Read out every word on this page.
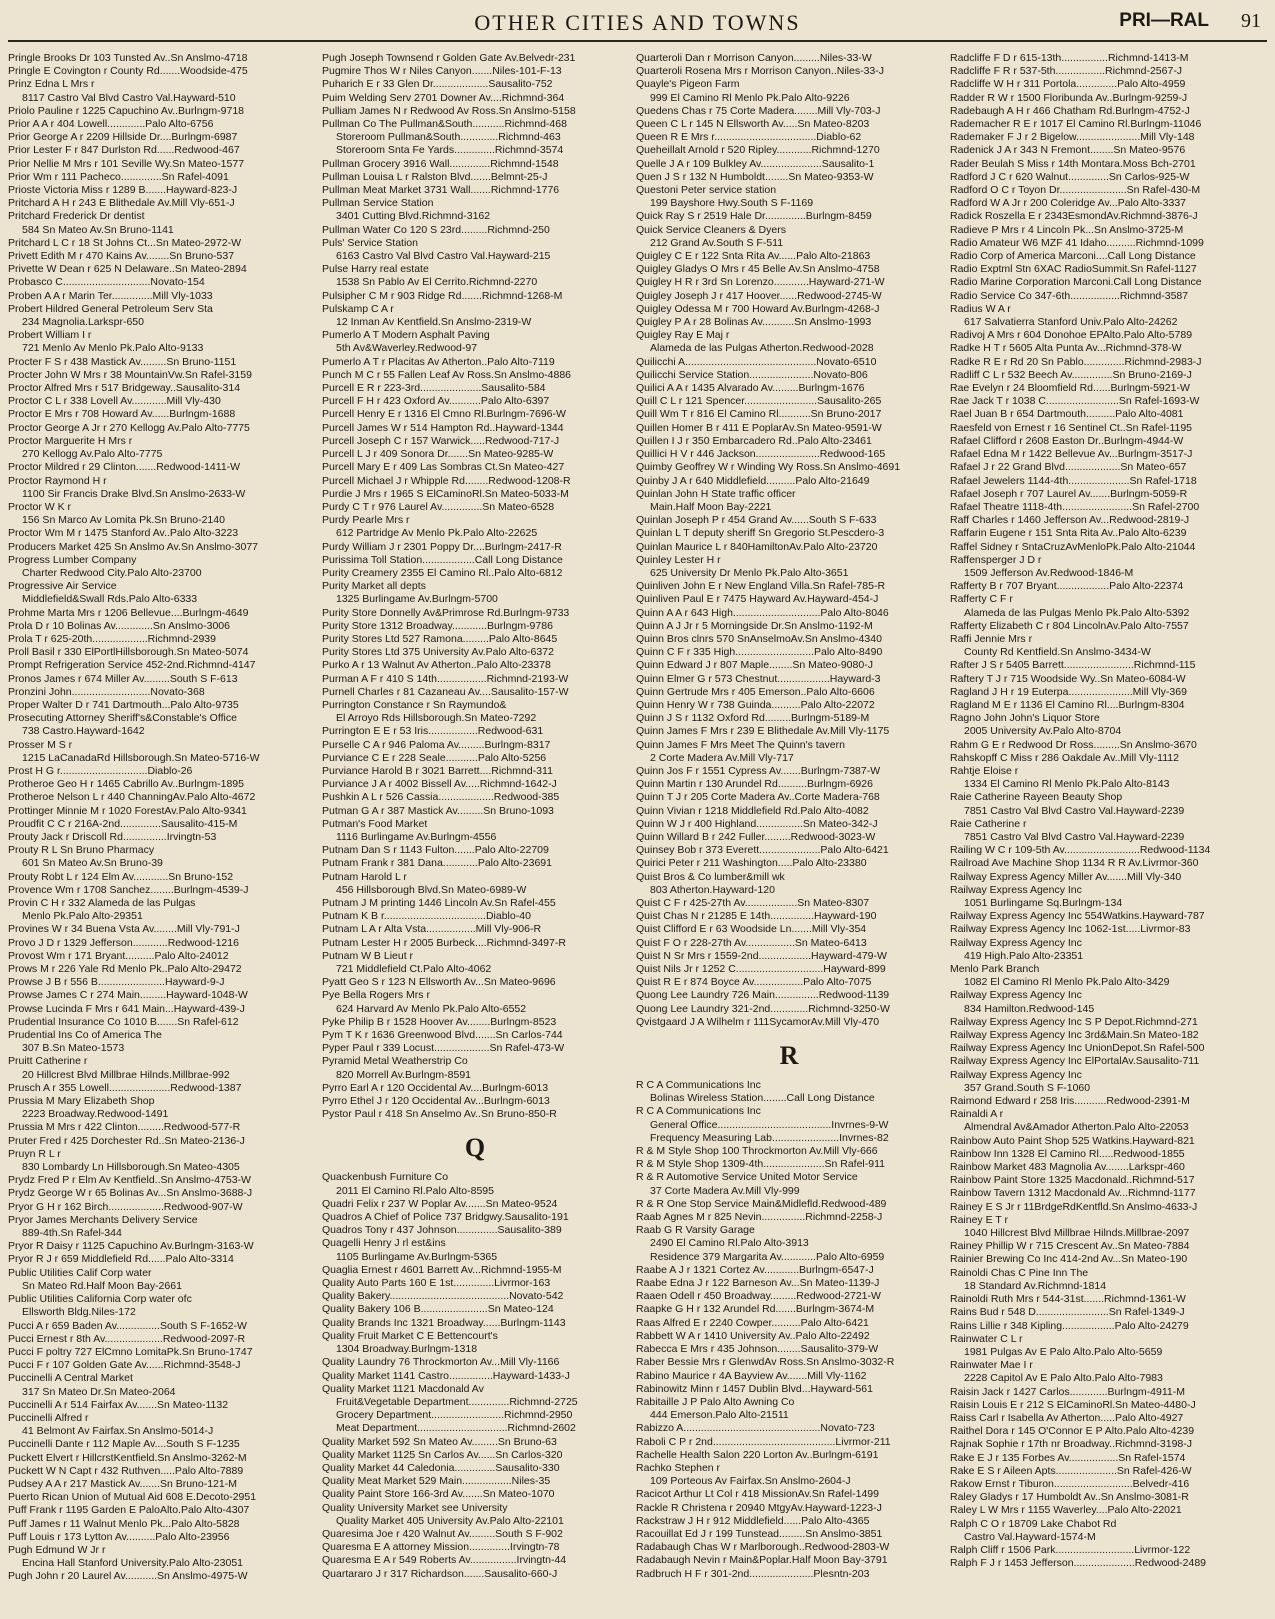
OTHER CITIES AND TOWNS	PRI—RAL 91
Pringle Brooks Dr 103 Tunsted Av..Sn Anslmo-4718
Pringle E Covington r County Rd.......Woodside-475
Prinz Edna L Mrs r
8117 Castro Val Blvd Castro Val.Hayward-510
Priolo Pauline r 1225 Capuchino Av..Burlngm-9718
Prior A A r 404 Lowell.............Palo Alto-6756
Prior George A r 2209 Hillside Dr....Burlngm-6987
Prior Lester F r 847 Durlston Rd......Redwood-467
Prior Nellie M Mrs r 101 Seville Wy.Sn Mateo-1577
Prior Wm r 111 Pacheco..............Sn Rafel-4091
Prioste Victoria Miss r 1289 B.......Hayward-823-J
Pritchard A H r 243 E Blithedale Av.Mill Vly-651-J
Pritchard Frederick Dr dentist
584 Sn Mateo Av.Sn Bruno-1141
Pritchard L C r 18 St Johns Ct...Sn Mateo-2972-W
Privett Edith M r 470 Kains Av........Sn Bruno-537
Privette W Dean r 625 N Delaware..Sn Mateo-2894
Probasco C..............................Novato-154
Proben A A r Marin Ter..............Mill Vly-1033
Probert Hildred General Petroleum Serv Sta
234 Magnolia.Larkspr-650
Probert William I r
721 Menlo Av Menlo Pk.Palo Alto-9133
Procter F S r 438 Mastick Av.........Sn Bruno-1151
Procter John W Mrs r 38 MountainVw.Sn Rafel-3159
Proctor Alfred Mrs r 517 Bridgeway..Sausalito-314
Proctor C L r 338 Lovell Av............Mill Vly-430
Proctor E Mrs r 708 Howard Av......Burlngm-1688
Proctor George A Jr r 270 Kellogg Av.Palo Alto-7775
Proctor Marguerite H Mrs r
270 Kellogg Av.Palo Alto-7775
Proctor Mildred r 29 Clinton.......Redwood-1411-W
Proctor Raymond H r
1100 Sir Francis Drake Blvd.Sn Anslmo-2633-W
Proctor W K r
156 Sn Marco Av Lomita Pk.Sn Bruno-2140
Proctor Wm M r 1475 Stanford Av..Palo Alto-3223
Producers Market 425 Sn Anslmo Av.Sn Anslmo-3077
Progress Lumber Company
Charter Redwood City.Palo Alto-23700
Progressive Air Service
Middlefield&Swall Rds.Palo Alto-6333
Prohme Marta Mrs r 1206 Bellevue....Burlngm-4649
Prola D r 10 Bolinas Av.............Sn Anslmo-3006
Prola T r 625-20th...................Richmnd-2939
Proll Basil r 330 ElPortlHillsborough.Sn Mateo-5074
Prompt Refrigeration Service 452-2nd.Richmnd-4147
Pronos James r 674 Miller Av.........South S F-613
Pronzini John...........................Novato-368
Proper Walter D r 741 Dartmouth...Palo Alto-9735
Prosecuting Attorney Sheriff's&Constable's Office
738 Castro.Hayward-1642
Prosser M S r
1215 LaCanadaRd Hillsborough.Sn Mateo-5716-W
Prost H G r..............................Diablo-26
Protheroe Geo H r 1465 Cabrillo Av..Burlngm-1895
Protheroe Nelson L r 440 ChanningAv.Palo Alto-4672
Prottinger Minnie M r 1020 ForestAv.Palo Alto-9341
Proudfit C C r 216A-2nd..............Sausalito-415-M
Prouty Jack r Driscoll Rd...............Irvingtn-53
Prouty R L Sn Bruno Pharmacy
601 Sn Mateo Av.Sn Bruno-39
Prouty Robt L r 124 Elm Av............Sn Bruno-152
Provence Wm r 1708 Sanchez........Burlngm-4539-J
Provin C H r 332 Alameda de las Pulgas
Menlo Pk.Palo Alto-29351
Provines W r 34 Buena Vsta Av........Mill Vly-791-J
Provo J D r 1329 Jefferson............Redwood-1216
Provost Wm r 171 Bryant..........Palo Alto-24012
Prows M r 226 Yale Rd Menlo Pk..Palo Alto-29472
Prowse J B r 556 B.......................Hayward-9-J
Prowse James C r 274 Main.........Hayward-1048-W
Prowse Lucinda F Mrs r 641 Main...Hayward-439-J
Prudential Insurance Co 1010 B.......Sn Rafel-612
Prudential Ins Co of America The
307 B.Sn Mateo-1573
Pruitt Catherine r
20 Hillcrest Blvd Millbrae Hilnds.Millbrae-992
Prusch A r 355 Lowell.....................Redwood-1387
Prussia M Mary Elizabeth Shop
2223 Broadway.Redwood-1491
Prussia M Mrs r 422 Clinton.........Redwood-577-R
Pruter Fred r 425 Dorchester Rd..Sn Mateo-2136-J
Pruyn R L r
830 Lombardy Ln Hillsborough.Sn Mateo-4305
Prydz Fred P r Elm Av Kentfield..Sn Anslmo-4753-W
Prydz George W r 65 Bolinas Av...Sn Anslmo-3688-J
Pryor G H r 162 Birch...................Redwood-907-W
Pryor James Merchants Delivery Service
889-4th.Sn Rafel-344
Pryor R Daisy r 1125 Capuchino Av.Burlngm-3163-W
Pryor R J r 659 Middlefield Rd......Palo Alto-3314
Public Utilities Calif Corp water
Sn Mateo Rd.Half Moon Bay-2661
Public Utilities California Corp water ofc
Ellsworth Bldg.Niles-172
Pucci A r 659 Baden Av...............South S F-1652-W
Pucci Ernest r 8th Av....................Redwood-2097-R
Pucci F poltry 727 ElCmno LomitaPk.Sn Bruno-1747
Pucci F r 107 Golden Gate Av......Richmnd-3548-J
Puccinelli A Central Market
317 Sn Mateo Dr.Sn Mateo-2064
Puccinelli A r 514 Fairfax Av.......Sn Mateo-1132
Puccinelli Alfred r
41 Belmont Av Fairfax.Sn Anslmo-5014-J
Puccinelli Dante r 112 Maple Av....South S F-1235
Puckett Elvert r HillcrstKentfield.Sn Anslmo-3262-M
Puckett W N Capt r 432 Ruthven.....Palo Alto-7889
Pudsey A A r 217 Mastick Av.......Sn Bruno-121-M
Puerto Rican Union of Mutual Aid 608 E.Decoto-2951
Puff Frank r 1195 Garden E PaloAlto.Palo Alto-4307
Puff James r 11 Walnut Menlo Pk...Palo Alto-5828
Puff Louis r 173 Lytton Av..........Palo Alto-23956
Pugh Edmund W Jr r
Encina Hall Stanford University.Palo Alto-23051
Pugh John r 20 Laurel Av...........Sn Anslmo-4975-W
Pugh Joseph Townsend r Golden Gate Av.Belvedr-231
Pugmire Thos W r Niles Canyon.......Niles-101-F-13
Puharich E r 33 Glen Dr...................Sausalito-752
Puim Welding Serv 2701 Downer Av....Richmnd-364
Pulliam James N r Redwood Av Ross.Sn Anslmo-5158
Pullman Co The Pullman&South...........Richmnd-468
Storeroom Pullman&South.............Richmnd-463
Storeroom Snta Fe Yards..............Richmnd-3574
Pullman Grocery 3916 Wall..............Richmnd-1548
Pullman Louisa L r Ralston Blvd.......Belmnt-25-J
Pullman Meat Market 3731 Wall.......Richmnd-1776
Pullman Service Station
3401 Cutting Blvd.Richmnd-3162
Pullman Water Co 120 S 23rd.........Richmnd-250
Puls' Service Station
6163 Castro Val Blvd Castro Val.Hayward-215
Pulse Harry real estate
1538 Sn Pablo Av El Cerrito.Richmnd-2270
Pulsipher C M r 903 Ridge Rd.......Richmnd-1268-M
Pulskamp C A r
12 Inman Av Kentfield.Sn Anslmo-2319-W
Pumerlo A T Modern Asphalt Paving
5th Av&Waverley.Redwood-97
Pumerlo A T r Placitas Av Atherton..Palo Alto-7119
Punch M C r 55 Fallen Leaf Av Ross.Sn Anslmo-4886
Purcell E R r 223-3rd.....................Sausalito-584
Purcell F H r 423 Oxford Av...........Palo Alto-6397
Purcell Henry E r 1316 El Cmno Rl.Burlngm-7696-W
Purcell James W r 514 Hampton Rd..Hayward-1344
Purcell Joseph C r 157 Warwick.....Redwood-717-J
Purcell L J r 409 Sonora Dr.......Sn Mateo-9285-W
Purcell Mary E r 409 Las Sombras Ct.Sn Mateo-427
Purcell Michael J r Whipple Rd........Redwood-1208-R
Purdie J Mrs r 1965 S ElCaminoRl.Sn Mateo-5033-M
Purdy C T r 976 Laurel Av..............Sn Mateo-6528
Purdy Pearle Mrs r
612 Partridge Av Menlo Pk.Palo Alto-22625
Purdy William J r 2301 Poppy Dr....Burlngm-2417-R
Purissima Toll Station..................Call Long Distance
Purity Creamery 2355 El Camino Rl..Palo Alto-6812
Purity Market all depts
1325 Burlingame Av.Burlngm-5700
Purity Store Donnelly Av&Primrose Rd.Burlngm-9733
Purity Store 1312 Broadway............Burlngm-9786
Purity Stores Ltd 527 Ramona.........Palo Alto-8645
Purity Stores Ltd 375 University Av.Palo Alto-6372
Purko A r 13 Walnut Av Atherton..Palo Alto-23378
Purman A F r 410 S 14th.................Richmnd-2193-W
Purnell Charles r 81 Cazaneau Av....Sausalito-157-W
Purrington Constance r Sn Raymundo&
El Arroyo Rds Hillsborough.Sn Mateo-7292
Purrington E E r 53 Iris.................Redwood-631
Purselle C A r 946 Paloma Av.........Burlngm-8317
Purviance C E r 228 Seale...........Palo Alto-5256
Purviance Harold B r 3021 Barrett....Richmnd-311
Purviance J A r 4002 Bissell Av.....Richmnd-1642-J
Pushkin A L r 526 Cassia...................Redwood-385
Putman G A r 387 Mastick Av.........Sn Bruno-1093
Putman's Food Market
1116 Burlingame Av.Burlngm-4556
Putnam Dan S r 1143 Fulton.......Palo Alto-22709
Putnam Frank r 381 Dana............Palo Alto-23691
Putnam Harold L r
456 Hillsborough Blvd.Sn Mateo-6989-W
Putnam J M printing 1446 Lincoln Av.Sn Rafel-455
Putnam K B r...................................Diablo-40
Putnam L A r Alta Vsta.................Mill Vly-906-R
Putnam Lester H r 2005 Burbeck....Richmnd-3497-R
Putnam W B Lieut r
721 Middlefield Ct.Palo Alto-4062
Pyatt Geo S r 123 N Ellsworth Av...Sn Mateo-9696
Pye Bella Rogers Mrs r
624 Harvard Av Menlo Pk.Palo Alto-6552
Pyke Philip B r 1528 Hoover Av........Burlngm-8523
Pym T K r 1636 Greenwood Blvd.......Sn Carlos-744
Pyper Paul r 339 Locust...................Sn Rafel-473-W
Pyramid Metal Weatherstrip Co
820 Morrell Av.Burlngm-8591
Pyrro Earl A r 120 Occidental Av....Burlngm-6013
Pyrro Ethel J r 120 Occidental Av...Burlngm-6013
Pystor Paul r 418 Sn Anselmo Av..Sn Bruno-850-R
Q
Quackenbush Furniture Co
2011 El Camino Rl.Palo Alto-8595
Quadri Felix r 237 W Poplar Av.......Sn Mateo-9524
Quadros A Chief of Police 737 Bridgwy.Sausalito-191
Quadros Tony r 437 Johnson..............Sausalito-389
Quagelli Henry J rl est&ins
1105 Burlingame Av.Burlngm-5365
Quaglia Ernest r 4601 Barrett Av...Richmnd-1955-M
Quality Auto Parts 160 E 1st..............Livrmor-163
Quality Bakery.........................................Novato-542
Quality Bakery 106 B.......................Sn Mateo-124
Quality Brands Inc 1321 Broadway......Burlngm-1143
Quality Fruit Market C E Bettencourt's
1304 Broadway.Burlngm-1318
Quality Laundry 76 Throckmorton Av...Mill Vly-1166
Quality Market 1141 Castro...............Hayward-1433-J
Quality Market 1121 Macdonald Av
Fruit&Vegetable Department..............Richmnd-2725
Grocery Department.........................Richmnd-2950
Meat Department...............................Richmnd-2602
Quality Market 592 Sn Mateo Av.........Sn Bruno-63
Quality Market 1125 Sn Carlos Av......Sn Carlos-320
Quality Market 44 Caledonia..............Sausalito-330
Quality Meat Market 529 Main.................Niles-35
Quality Paint Store 166-3rd Av.......Sn Mateo-1070
Quality University Market see University
Quality Market 405 University Av.Palo Alto-22101
Quaresima Joe r 420 Walnut Av.........South S F-902
Quaresma E A attorney Mission..............Irvingtn-78
Quaresma E A r 549 Roberts Av................Irvingtn-44
Quartararo J r 317 Richardson.......Sausalito-660-J
Quarteroli Dan r Morrison Canyon.........Niles-33-W
Quarteroli Rosena Mrs r Morrison Canyon..Niles-33-J
Quayle's Pigeon Farm
999 El Camino Rl Menlo Pk.Palo Alto-9226
Quedens Chas r 75 Corte Madera........Mill Vly-703-J
Queen C L r 145 N Ellsworth Av.....Sn Mateo-8203
Queen R E Mrs r...................................Diablo-62
Queheillalt Arnold r 520 Ripley............Richmnd-1270
Quelle J A r 109 Bulkley Av.....................Sausalito-1
Quen J S r 132 N Humboldt........Sn Mateo-9353-W
Questoni Peter service station
199 Bayshore Hwy.South S F-1169
Quick Ray S r 2519 Hale Dr..............Burlngm-8459
Quick Service Cleaners & Dyers
212 Grand Av.South S F-511
Quigley C E r 122 Snta Rita Av......Palo Alto-21863
Quigley Gladys O Mrs r 45 Belle Av.Sn Anslmo-4758
Quigley H R r 3rd Sn Lorenzo............Hayward-271-W
Quigley Joseph J r 417 Hoover......Redwood-2745-W
Quigley Odessa M r 700 Howard Av.Burlngm-4268-J
Quigley P A r 28 Bolinas Av...........Sn Anslmo-1993
Quigley Ray E Maj r
Alameda de las Pulgas Atherton.Redwood-2028
Quilicchi A.............................................Novato-6510
Quilicchi Service Station......................Novato-806
Quilici A A r 1435 Alvarado Av.........Burlngm-1676
Quill C L r 121 Spencer.........................Sausalito-265
Quill Wm T r 816 El Camino Rl...........Sn Bruno-2017
Quillen Homer B r 411 E PoplarAv.Sn Mateo-9591-W
Quillen I J r 350 Embarcadero Rd..Palo Alto-23461
Quillici H V r 446 Jackson......................Redwood-165
Quimby Geoffrey W r Winding Wy Ross.Sn Anslmo-4691
Quinby J A r 640 Middlefield..........Palo Alto-21649
Quinlan John H State traffic officer
Main.Half Moon Bay-2221
Quinlan Joseph P r 454 Grand Av......South S F-633
Quinlan L T deputy sheriff Sn Gregorio St.Pescdero-3
Quinlan Maurice L r 840HamiltonAv.Palo Alto-23720
Quinley Lester H r
625 University Dr Menlo Pk.Palo Alto-3651
Quinliven John E r New England Villa.Sn Rafel-785-R
Quinliven Paul E r 7475 Hayward Av.Hayward-454-J
Quinn A A r 643 High..............................Palo Alto-8046
Quinn A J Jr r 5 Morningside Dr.Sn Anslmo-1192-M
Quinn Bros clnrs 570 SnAnselmoAv.Sn Anslmo-4340
Quinn C F r 335 High...........................Palo Alto-8490
Quinn Edward J r 807 Maple........Sn Mateo-9080-J
Quinn Elmer G r 573 Chestnut..................Hayward-3
Quinn Gertrude Mrs r 405 Emerson..Palo Alto-6606
Quinn Henry W r 738 Guinda..........Palo Alto-22072
Quinn J S r 1132 Oxford Rd.........Burlngm-5189-M
Quinn James F Mrs r 239 E Blithedale Av.Mill Vly-1175
Quinn James F Mrs Meet The Quinn's tavern
2 Corte Madera Av.Mill Vly-717
Quinn Jos F r 1551 Cypress Av.......Burlngm-7387-W
Quinn Martin r 130 Arundel Rd..........Burlngm-6926
Quinn T J r 205 Corte Madera Av..Corte Madera-768
Quinn Vivian r 1218 Middlefield Rd.Palo Alto-4082
Quinn W J r 400 Highland................Sn Mateo-342-J
Quinn Willard B r 242 Fuller.........Redwood-3023-W
Quinsey Bob r 373 Everett.....................Palo Alto-6421
Quirici Peter r 211 Washington.....Palo Alto-23380
Quist Bros & Co lumber&mill wk
803 Atherton.Hayward-120
Quist C F r 425-27th Av..................Sn Mateo-8307
Quist Chas N r 21285 E 14th...............Hayward-190
Quist Clifford E r 63 Woodside Ln.......Mill Vly-354
Quist F O r 228-27th Av.................Sn Mateo-6413
Quist N Sr Mrs r 1559-2nd..................Hayward-479-W
Quist Nils Jr r 1252 C..............................Hayward-899
Quist R E r 874 Boyce Av.................Palo Alto-7075
Quong Lee Laundry 726 Main...............Redwood-1139
Quong Lee Laundry 321-2nd.............Richmnd-3250-W
Qvistgaard J A Wilhelm r 111SycamorAv.Mill Vly-470
R
R C A Communications Inc
Bolinas Wireless Station........Call Long Distance
R C A Communications Inc
General Office.......................................Invrnes-9-W
Frequency Measuring Lab.......................Invrnes-82
R & M Style Shop 100 Throckmorton Av.Mill Vly-666
R & M Style Shop 1309-4th.....................Sn Rafel-911
R & R Automotive Service United Motor Service
37 Corte Madera Av.Mill Vly-999
R & R One Stop Service Main&Midlefld.Redwood-489
Raab Agnes M r 825 Nevin...............Richmnd-2258-J
Raab G R Varsity Garage
2490 El Camino Rl.Palo Alto-3913
Residence 379 Margarita Av............Palo Alto-6959
Raabe A J r 1321 Cortez Av............Burlngm-6547-J
Raabe Edna J r 122 Barneson Av...Sn Mateo-1139-J
Raaen Odell r 450 Broadway.........Redwood-2721-W
Raapke G H r 132 Arundel Rd.......Burlngm-3674-M
Raas Alfred E r 2240 Cowper..........Palo Alto-6421
Rabbett W A r 1410 University Av..Palo Alto-22492
Rabecca E Mrs r 435 Johnson........Sausalito-379-W
Raber Bessie Mrs r GlenwdAv Ross.Sn Anslmo-3032-R
Rabino Maurice r 4A Bayview Av.......Mill Vly-1162
Rabinowitz Minn r 1457 Dublin Blvd...Hayward-561
Rabitaille J P Palo Alto Awning Co
444 Emerson.Palo Alto-21511
Rabizzo A...............................................Novato-723
Raboli C P r 2nd..........................................Livrmor-211
Rachelle Health Salon 220 Lorton Av..Burlngm-6191
Rachko Stephen r
109 Porteous Av Fairfax.Sn Anslmo-2604-J
Racicot Arthur Lt Col r 418 MissionAv.Sn Rafel-1499
Rackle R Christena r 20940 MtgyAv.Hayward-1223-J
Rackstraw J H r 912 Middlefield......Palo Alto-4365
Racouillat Ed J r 199 Tunstead.........Sn Anslmo-3851
Radabaugh Chas W r Marlborough..Redwood-2803-W
Radabaugh Nevin r Main&Poplar.Half Moon Bay-3791
Radbruch H F r 301-2nd......................Plesntn-203
Radcliffe F D r 615-13th................Richmnd-1413-M
Radcliffe F R r 537-5th.................Richmnd-2567-J
Radcliffe W H r 311 Portola..............Palo Alto-4959
Radder R W r 1500 Floribunda Av..Burlngm-9259-J
Radebaugh A H r 466 Chatham Rd.Burlngm-4752-J
Rademacher R E r 1017 El Camino Rl.Burlngm-11046
Rademaker F J r 2 Bigelow......................Mill Vly-148
Radenick J A r 343 N Fremont........Sn Mateo-9576
Rader Beulah S Miss r 14th Montara.Moss Bch-2701
Radford J C r 620 Walnut..............Sn Carlos-925-W
Radford O C r Toyon Dr.......................Sn Rafel-430-M
Radford W A Jr r 200 Coleridge Av...Palo Alto-3337
Radick Roszella E r 2343EsmondAv.Richmnd-3876-J
Radieve P Mrs r 4 Lincoln Pk...Sn Anslmo-3725-M
Radio Amateur W6 MZF 41 Idaho..........Richmnd-1099
Radio Corp of America Marconi....Call Long Distance
Radio Exptml Stn 6XAC RadioSummit.Sn Rafel-1127
Radio Marine Corporation Marconi.Call Long Distance
Radio Service Co 347-6th.................Richmnd-3587
Radius W A r
617 Salvatierra Stanford Univ.Palo Alto-24262
Radivoj A Mrs r 604 Donohoe EPAlto.Palo Alto-5789
Radke H T r 5605 Alta Punta Av...Richmnd-378-W
Radke R E r Rd 20 Sn Pablo..............Richmnd-2983-J
Radliff C L r 532 Beech Av..............Sn Bruno-2169-J
Rae Evelyn r 24 Bloomfield Rd......Burlngm-5921-W
Rae Jack T r 1038 C.........................Sn Rafel-1693-W
Rael Juan B r 654 Dartmouth..........Palo Alto-4081
Raesfeld von Ernest r 16 Sentinel Ct..Sn Rafel-1195
Rafael Clifford r 2608 Easton Dr..Burlngm-4944-W
Rafael Edna M r 1422 Bellevue Av...Burlngm-3517-J
Rafael J r 22 Grand Blvd...................Sn Mateo-657
Rafael Jewelers 1144-4th.....................Sn Rafel-1718
Rafael Joseph r 707 Laurel Av.......Burlngm-5059-R
Rafael Theatre 1118-4th........................Sn Rafel-2700
Raff Charles r 1460 Jefferson Av...Redwood-2819-J
Raffarin Eugene r 151 Snta Rita Av..Palo Alto-6239
Raffel Sidney r SntaCruzAvMenloPk.Palo Alto-21044
Raffensperger J D r
1509 Jefferson Av.Redwood-1846-M
Rafferty B r 707 Bryant..................Palo Alto-22374
Rafferty C F r
Alameda de las Pulgas Menlo Pk.Palo Alto-5392
Rafferty Elizabeth C r 804 LincolnAv.Palo Alto-7557
Raffi Jennie Mrs r
County Rd Kentfield.Sn Anslmo-3434-W
Rafter J S r 5405 Barrett........................Richmnd-115
Raftery T J r 715 Woodside Wy..Sn Mateo-6084-W
Ragland J H r 19 Euterpa......................Mill Vly-369
Ragland M E r 1136 El Camino Rl....Burlngm-8304
Ragno John John's Liquor Store
2005 University Av.Palo Alto-8704
Rahm G E r Redwood Dr Ross.........Sn Anslmo-3670
Rahskopff C Miss r 286 Oakdale Av..Mill Vly-1112
Rahtje Eloise r
1334 El Camino Rl Menlo Pk.Palo Alto-8143
Raie Catherine Rayeen Beauty Shop
7851 Castro Val Blvd Castro Val.Hayward-2239
Raie Catherine r
7851 Castro Val Blvd Castro Val.Hayward-2239
Railing W C r 109-5th Av..........................Redwood-1134
Railroad Ave Machine Shop 1134 R R Av.Livrmor-360
Railway Express Agency Miller Av.......Mill Vly-340
Railway Express Agency Inc
1051 Burlingame Sq.Burlngm-134
Railway Express Agency Inc 554Watkins.Hayward-787
Railway Express Agency Inc 1062-1st.....Livrmor-83
Railway Express Agency Inc
419 High.Palo Alto-23351
Menlo Park Branch
1082 El Camino Rl Menlo Pk.Palo Alto-3429
Railway Express Agency Inc
834 Hamilton.Redwood-145
Railway Express Agency Inc S P Depot.Richmnd-271
Railway Express Agency Inc 3rd&Main.Sn Mateo-182
Railway Express Agency Inc UnionDepot.Sn Rafel-500
Railway Express Agency Inc ElPortalAv.Sausalito-711
Railway Express Agency Inc
357 Grand.South S F-1060
Raimond Edward r 258 Iris...........Redwood-2391-M
Rainaldi A r
Almendral Av&Amador Atherton.Palo Alto-22053
Rainbow Auto Paint Shop 525 Watkins.Hayward-821
Rainbow Inn 1328 El Camino Rl.....Redwood-1855
Rainbow Market 483 Magnolia Av........Larkspr-460
Rainbow Paint Store 1325 Macdonald..Richmnd-517
Rainbow Tavern 1312 Macdonald Av...Richmnd-1177
Rainey E S Jr r 11BrdgeRdKentfld.Sn Anslmo-4633-J
Rainey E T r
1040 Hillcrest Blvd Millbrae Hilnds.Millbrae-2097
Rainey Phillip W r 715 Crescent Av..Sn Mateo-7884
Rainier Brewing Co Inc 414-2nd Av...Sn Mateo-190
Rainoldi Chas C Pine Inn The
18 Standard Av.Richmnd-1814
Rainoldi Ruth Mrs r 544-31st.......Richmnd-1361-W
Rains Bud r 548 D.........................Sn Rafel-1349-J
Rains Lillie r 348 Kipling..................Palo Alto-24279
Rainwater C L r
1981 Pulgas Av E Palo Alto.Palo Alto-5659
Rainwater Mae I r
2228 Capitol Av E Palo Alto.Palo Alto-7983
Raisin Jack r 1427 Carlos.............Burlngm-4911-M
Raisin Louis E r 212 S ElCaminoRl.Sn Mateo-4480-J
Raiss Carl r Isabella Av Atherton.....Palo Alto-4927
Raithel Dora r 145 O'Connor E P Alto.Palo Alto-4239
Rajnak Sophie r 17th nr Broadway..Richmnd-3198-J
Rake E J r 135 Forbes Av.................Sn Rafel-1574
Rake E S r Aileen Apts.....................Sn Rafel-426-W
Rakow Ernst r Tiburon...........................Belvedr-416
Raley Gladys r 17 Humboldt Av..Sn Anslmo-3081-R
Raley L W Mrs r 1155 Waverley....Palo Alto-22021
Ralph C O r 18709 Lake Chabot Rd
Castro Val.Hayward-1574-M
Ralph Cliff r 1506 Park...........................Livrmor-122
Ralph F J r 1453 Jefferson.....................Redwood-2489
